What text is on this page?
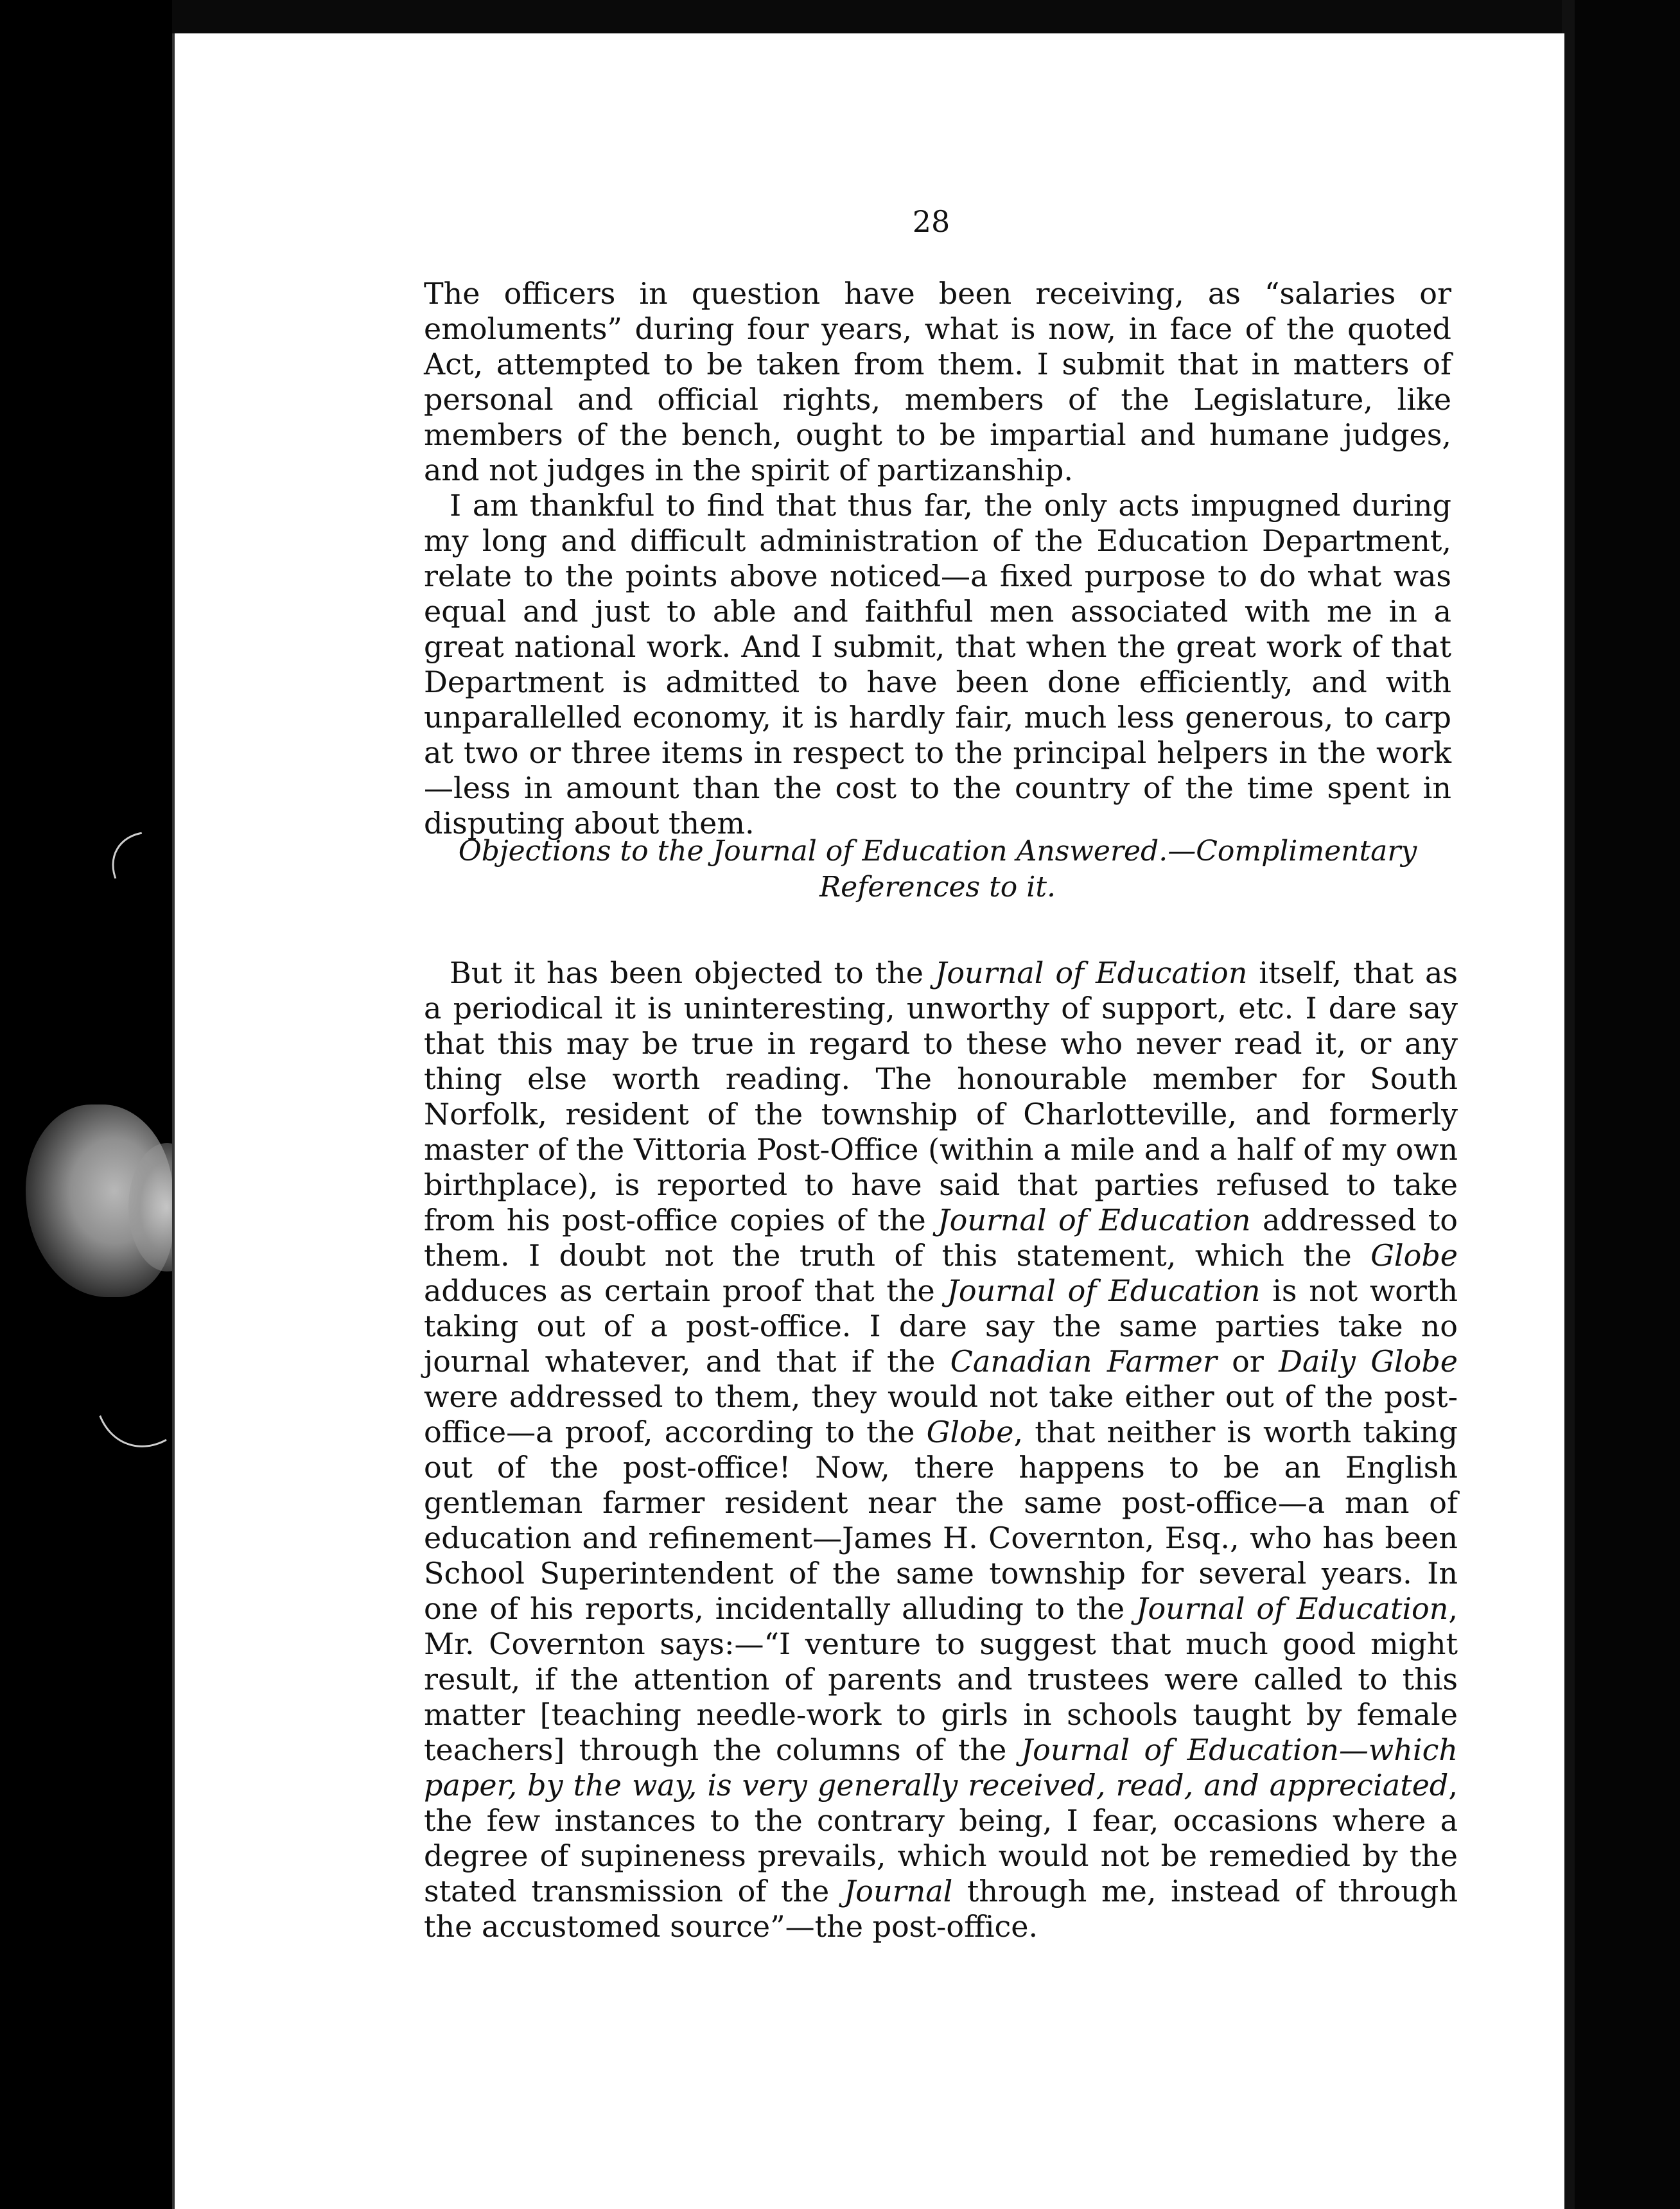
28

The officers in question have been receiving, as “salaries or emoluments” during four years, what is now, in face of the quoted Act, attempted to be taken from them. I submit that in matters of personal and official rights, members of the Legislature, like members of the bench, ought to be impartial and humane judges, and not judges in the spirit of partizanship.

I am thankful to find that thus far, the only acts impugned during my long and difficult administration of the Education Department, relate to the points above noticed—a fixed purpose to do what was equal and just to able and faithful men associated with me in a great national work. And I submit, that when the great work of that Department is admitted to have been done efficiently, and with unparallelled economy, it is hardly fair, much less generous, to carp at two or three items in respect to the principal helpers in the work—less in amount than the cost to the country of the time spent in disputing about them.

Objections to the Journal of Education Answered.—Complimentary
References to it.

But it has been objected to the Journal of Education itself, that as a periodical it is uninteresting, unworthy of support, etc. I dare say that this may be true in regard to these who never read it, or any thing else worth reading. The honourable member for South Norfolk, resident of the township of Charlotteville, and formerly master of the Vittoria Post-Office (within a mile and a half of my own birthplace), is reported to have said that parties refused to take from his post-office copies of the Journal of Education addressed to them. I doubt not the truth of this statement, which the Globe adduces as certain proof that the Journal of Education is not worth taking out of a post-office. I dare say the same parties take no journal whatever, and that if the Canadian Farmer or Daily Globe were addressed to them, they would not take either out of the post-office—a proof, according to the Globe, that neither is worth taking out of the post-office! Now, there happens to be an English gentleman farmer resident near the same post-office—a man of education and refinement—James H. Covernton, Esq., who has been School Superintendent of the same township for several years. In one of his reports, incidentally alluding to the Journal of Education, Mr. Covernton says:—“I venture to suggest that much good might result, if the attention of parents and trustees were called to this matter [teaching needle-work to girls in schools taught by female teachers] through the columns of the Journal of Education—which paper, by the way, is very generally received, read, and appreciated, the few instances to the contrary being, I fear, occasions where a degree of supineness prevails, which would not be remedied by the stated transmission of the Journal through me, instead of through the accustomed source”—the post-office.
